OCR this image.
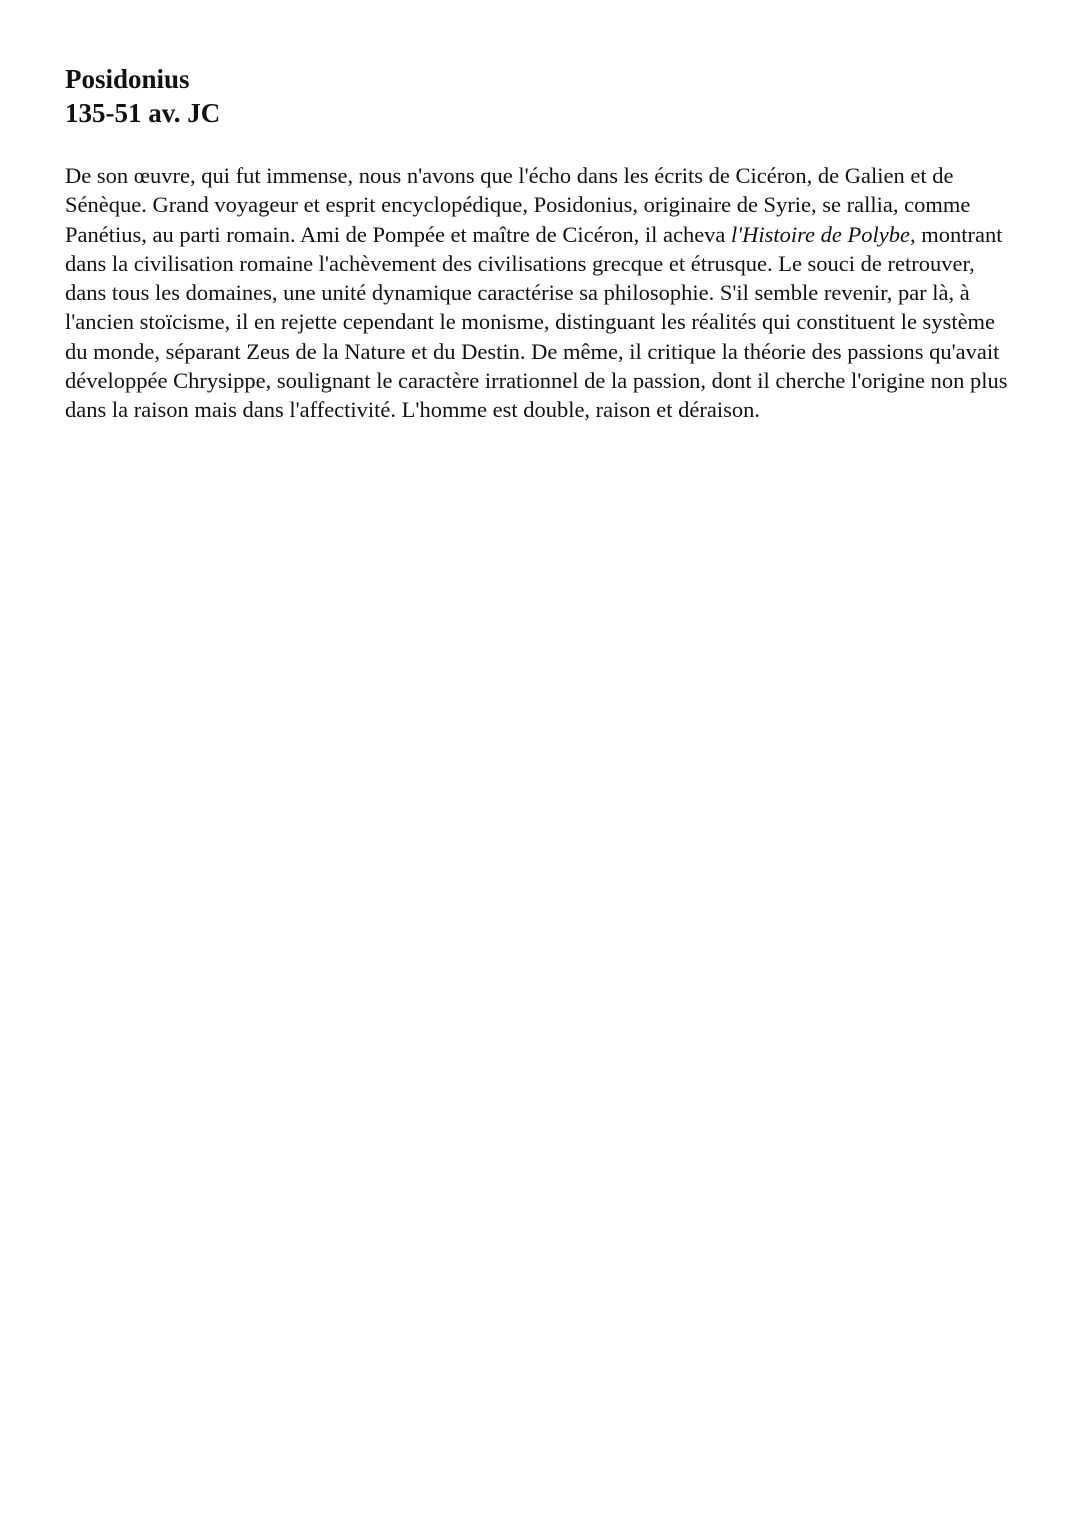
Posidonius
135-51 av. JC

De son œuvre, qui fut immense, nous n'avons que l'écho dans les écrits de Cicéron, de Galien et de Sénèque. Grand voyageur et esprit encyclopédique, Posidonius, originaire de Syrie, se rallia, comme Panétius, au parti romain. Ami de Pompée et maître de Cicéron, il acheva l'Histoire de Polybe, montrant dans la civilisation romaine l'achèvement des civilisations grecque et étrusque. Le souci de retrouver, dans tous les domaines, une unité dynamique caractérise sa philosophie. S'il semble revenir, par là, à l'ancien stoïcisme, il en rejette cependant le monisme, distinguant les réalités qui constituent le système du monde, séparant Zeus de la Nature et du Destin. De même, il critique la théorie des passions qu'avait développée Chrysippe, soulignant le caractère irrationnel de la passion, dont il cherche l'origine non plus dans la raison mais dans l'affectivité. L'homme est double, raison et déraison.
